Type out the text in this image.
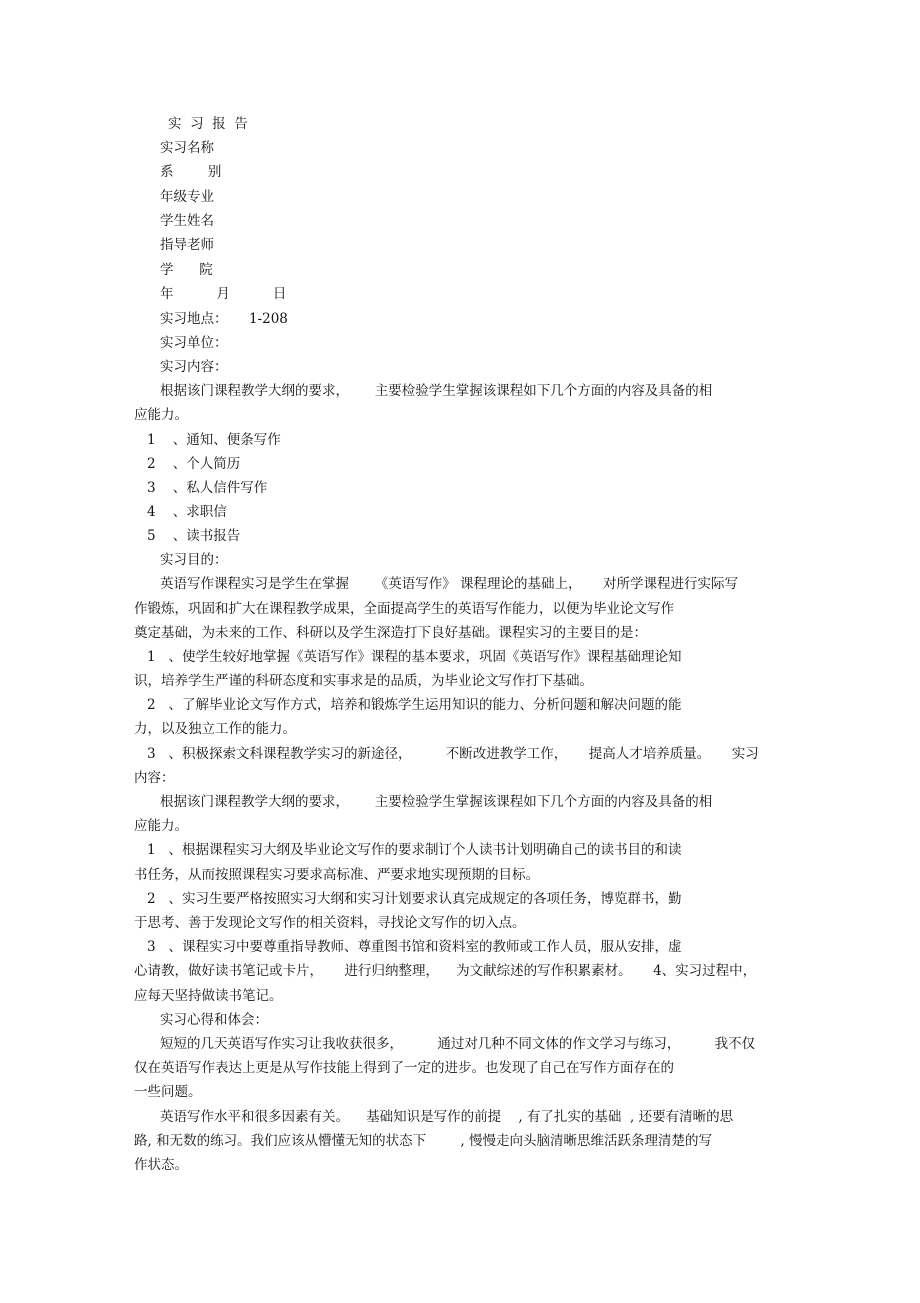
实  习  报  告

实习名称

系        别

年级专业

学生姓名

指导老师

学      院

年          月          日

实习地点：     1-208

实习单位：

实习内容：

根据该门课程教学大纲的要求，      主要检验学生掌握该课程如下几个方面的内容及具备的相

应能力。

1    、通知、便条写作

2    、个人简历

3    、私人信件写作

4    、求职信

5    、读书报告

实习目的：

英语写作课程实习是学生在掌握      《英语写作》 课程理论的基础上，     对所学课程进行实际写

作锻炼，巩固和扩大在课程教学成果，全面提高学生的英语写作能力，以便为毕业论文写作

奠定基础，为未来的工作、科研以及学生深造打下良好基础。课程实习的主要目的是：

1   、使学生较好地掌握《英语写作》课程的基本要求，巩固《英语写作》课程基础理论知

识，培养学生严谨的科研态度和实事求是的品质，为毕业论文写作打下基础。

2   、了解毕业论文写作方式，培养和锻炼学生运用知识的能力、分析问题和解决问题的能

力，以及独立工作的能力。

3   、积极探索文科课程教学实习的新途径，        不断改进教学工作，     提高人才培养质量。     实习

内容：

根据该门课程教学大纲的要求，      主要检验学生掌握该课程如下几个方面的内容及具备的相

应能力。

1   、根据课程实习大纲及毕业论文写作的要求制订个人读书计划明确自己的读书目的和读

书任务，从而按照课程实习要求高标准、严要求地实现预期的目标。

2   、实习生要严格按照实习大纲和实习计划要求认真完成规定的各项任务，博览群书，勤

于思考、善于发现论文写作的相关资料，寻找论文写作的切入点。

3   、课程实习中要尊重指导教师、尊重图书馆和资料室的教师或工作人员，服从安排，虚

心请教，做好读书笔记或卡片，     进行归纳整理，    为文献综述的写作积累素材。     4、实习过程中，

应每天坚持做读书笔记。

实习心得和体会：

短短的几天英语写作实习让我收获很多，        通过对几种不同文体的作文学习与练习，        我不仅

仅在英语写作表达上更是从写作技能上得到了一定的进步。也发现了自己在写作方面存在的

一些问题。

英语写作水平和很多因素有关。    基础知识是写作的前提    , 有了扎实的基础  , 还要有清晰的思

路, 和无数的练习。我们应该从懵懂无知的状态下        , 慢慢走向头脑清晰思维活跃条理清楚的写

作状态。
